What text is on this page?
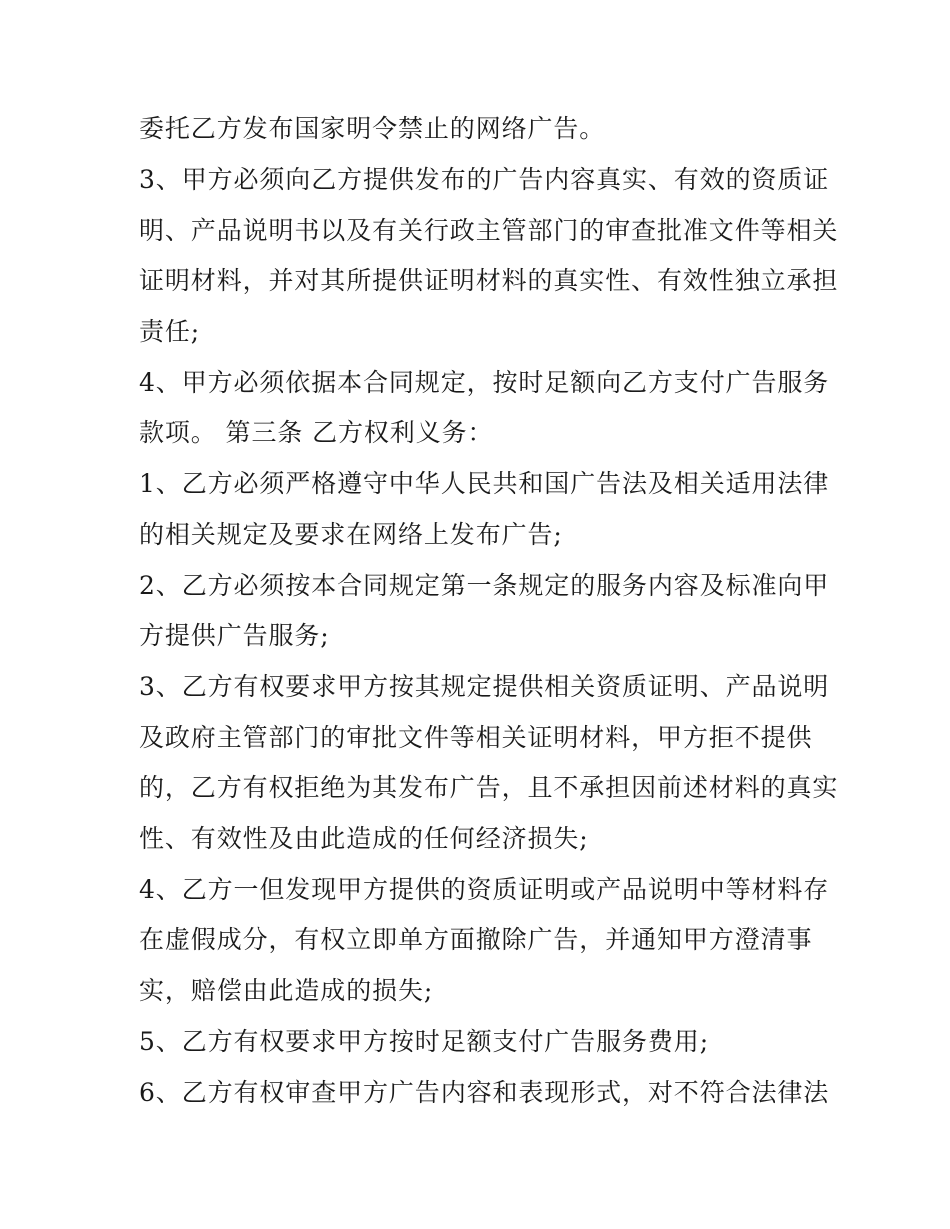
委托乙方发布国家明令禁止的网络广告。

3、甲方必须向乙方提供发布的广告内容真实、有效的资质证

明、产品说明书以及有关行政主管部门的审查批准文件等相关

证明材料，并对其所提供证明材料的真实性、有效性独立承担

责任;

4、甲方必须依据本合同规定，按时足额向乙方支付广告服务

款项。 第三条 乙方权利义务：

1、乙方必须严格遵守中华人民共和国广告法及相关适用法律

的相关规定及要求在网络上发布广告;

2、乙方必须按本合同规定第一条规定的服务内容及标准向甲

方提供广告服务;

3、乙方有权要求甲方按其规定提供相关资质证明、产品说明

及政府主管部门的审批文件等相关证明材料，甲方拒不提供

的，乙方有权拒绝为其发布广告，且不承担因前述材料的真实

性、有效性及由此造成的任何经济损失;

4、乙方一但发现甲方提供的资质证明或产品说明中等材料存

在虚假成分，有权立即单方面撤除广告，并通知甲方澄清事

实，赔偿由此造成的损失;

5、乙方有权要求甲方按时足额支付广告服务费用;

6、乙方有权审查甲方广告内容和表现形式，对不符合法律法
